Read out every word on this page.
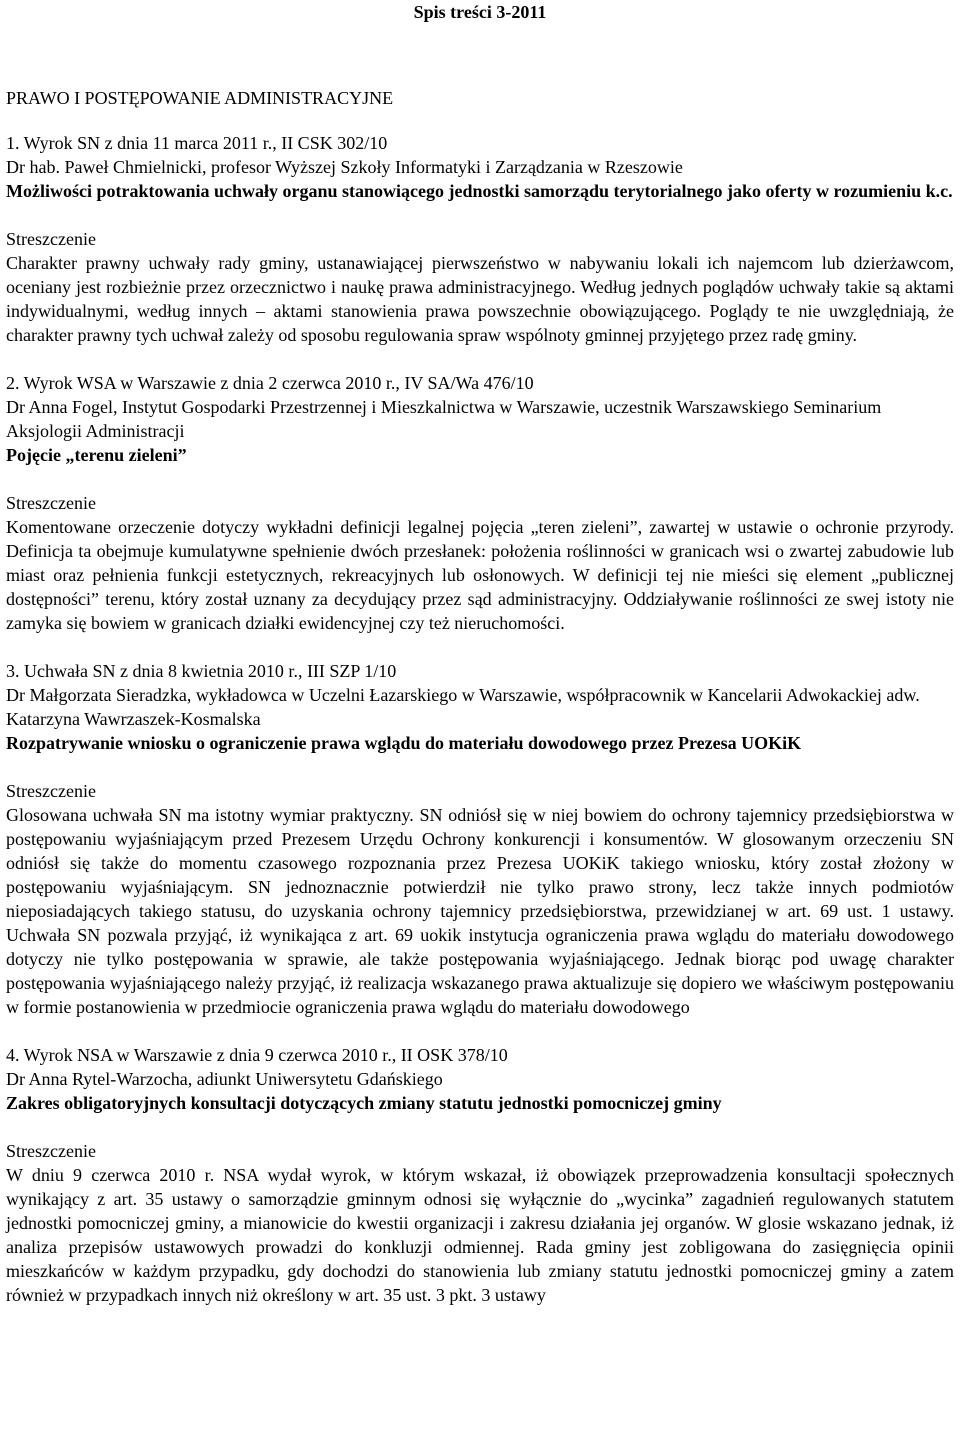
Spis treści 3-2011

PRAWO I POSTĘPOWANIE ADMINISTRACYJNE

1. Wyrok SN z dnia 11 marca 2011 r., II CSK 302/10

Dr hab. Paweł Chmielnicki, profesor Wyższej Szkoły Informatyki i Zarządzania w Rzeszowie

Możliwości potraktowania uchwały organu stanowiącego jednostki samorządu terytorialnego jako oferty w rozumieniu k.c.

Streszczenie

Charakter prawny uchwały rady gminy, ustanawiającej pierwszeństwo w nabywaniu lokali ich najemcom lub dzierżawcom, oceniany jest rozbieżnie przez orzecznictwo i naukę prawa administracyjnego. Według jednych poglądów uchwały takie są aktami indywidualnymi, według innych – aktami stanowienia prawa powszechnie obowiązującego. Poglądy te nie uwzględniają, że charakter prawny tych uchwał zależy od sposobu regulowania spraw wspólnoty gminnej przyjętego przez radę gminy.

2. Wyrok WSA w Warszawie z dnia 2 czerwca 2010 r., IV SA/Wa 476/10

Dr Anna Fogel, Instytut Gospodarki Przestrzennej i Mieszkalnictwa w Warszawie, uczestnik Warszawskiego Seminarium Aksjologii Administracji

Pojęcie „terenu zieleni”

Streszczenie

Komentowane orzeczenie dotyczy wykładni definicji legalnej pojęcia „teren zieleni”, zawartej w ustawie o ochronie przyrody. Definicja ta obejmuje kumulatywne spełnienie dwóch przesłanek: położenia roślinności w granicach wsi o zwartej zabudowie lub miast oraz pełnienia funkcji estetycznych, rekreacyjnych lub osłonowych. W definicji tej nie mieści się element „publicznej dostępności” terenu, który został uznany za decydujący przez sąd administracyjny. Oddziaływanie roślinności ze swej istoty nie zamyka się bowiem w granicach działki ewidencyjnej czy też nieruchomości.

3. Uchwała SN z dnia 8 kwietnia 2010 r., III SZP 1/10

Dr Małgorzata Sieradzka, wykładowca w Uczelni Łazarskiego w Warszawie, współpracownik w Kancelarii Adwokackiej adw. Katarzyna Wawrzaszek-Kosmalska

Rozpatrywanie wniosku o ograniczenie prawa wglądu do materiału dowodowego przez Prezesa UOKiK

Streszczenie

Glosowana uchwała SN ma istotny wymiar praktyczny. SN odniósł się w niej bowiem do ochrony tajemnicy przedsiębiorstwa w postępowaniu wyjaśniającym przed Prezesem Urzędu Ochrony konkurencji i konsumentów. W glosowanym orzeczeniu SN odniósł się także do momentu czasowego rozpoznania przez Prezesa UOKiK takiego wniosku, który został złożony w postępowaniu wyjaśniającym. SN jednoznacznie potwierdził nie tylko prawo strony, lecz także innych podmiotów nieposiadających takiego statusu, do uzyskania ochrony tajemnicy przedsiębiorstwa, przewidzianej w art. 69 ust. 1 ustawy. Uchwała SN pozwala przyjąć, iż wynikająca z art. 69 uokik instytucja ograniczenia prawa wglądu do materiału dowodowego dotyczy nie tylko postępowania w sprawie, ale także postępowania wyjaśniającego. Jednak biorąc pod uwagę charakter postępowania wyjaśniającego należy przyjąć, iż realizacja wskazanego prawa aktualizuje się dopiero we właściwym postępowaniu w formie postanowienia w przedmiocie ograniczenia prawa wglądu do materiału dowodowego

4. Wyrok NSA w Warszawie z dnia 9 czerwca 2010 r., II OSK 378/10

Dr Anna Rytel-Warzocha, adiunkt Uniwersytetu Gdańskiego

Zakres obligatoryjnych konsultacji dotyczących zmiany statutu jednostki pomocniczej gminy

Streszczenie

W dniu 9 czerwca 2010 r. NSA wydał wyrok, w którym wskazał, iż obowiązek przeprowadzenia konsultacji społecznych wynikający z art. 35 ustawy o samorządzie gminnym odnosi się wyłącznie do „wycinka” zagadnień regulowanych statutem jednostki pomocniczej gminy, a mianowicie do kwestii organizacji i zakresu działania jej organów. W glosie wskazano jednak, iż analiza przepisów ustawowych prowadzi do konkluzji odmiennej. Rada gminy jest zobligowana do zasięgnięcia opinii mieszkańców w każdym przypadku, gdy dochodzi do stanowienia lub zmiany statutu jednostki pomocniczej gminy a zatem również w przypadkach innych niż określony w art. 35 ust. 3 pkt. 3 ustawy
